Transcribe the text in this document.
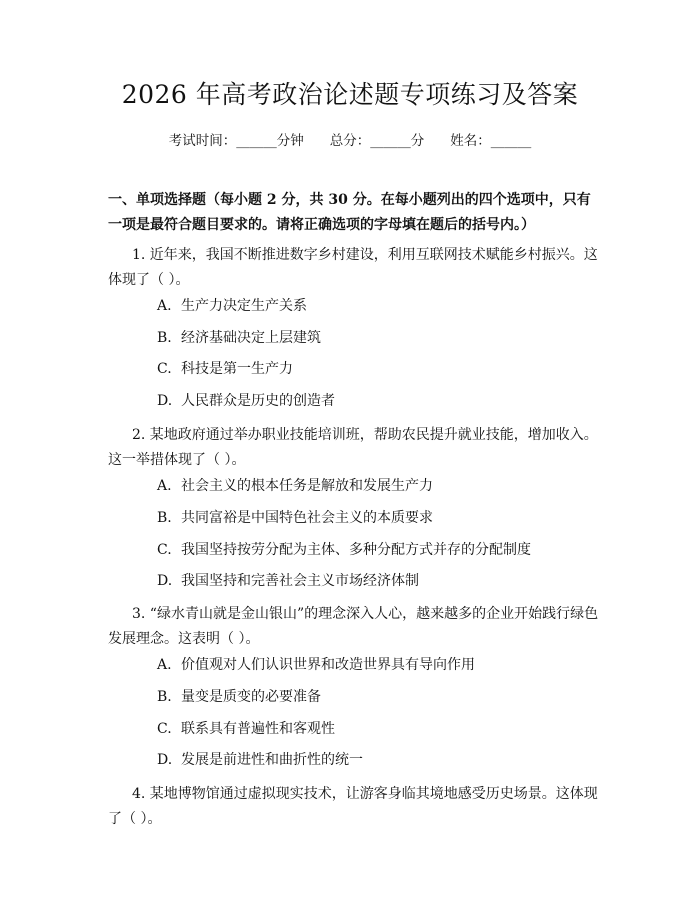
2026 年高考政治论述题专项练习及答案
考试时间：______分钟 总分：______分 姓名：______

一、单项选择题（每小题 2 分，共 30 分。在每小题列出的四个选项中，只有一项是最符合题目要求的。请将正确选项的字母填在题后的括号内。）

1. 近年来，我国不断推进数字乡村建设，利用互联网技术赋能乡村振兴。这体现了（ ）。

A. 生产力决定生产关系
B. 经济基础决定上层建筑
C. 科技是第一生产力
D. 人民群众是历史的创造者

2. 某地政府通过举办职业技能培训班，帮助农民提升就业技能，增加收入。这一举措体现了（ ）。

A. 社会主义的根本任务是解放和发展生产力
B. 共同富裕是中国特色社会主义的本质要求
C. 我国坚持按劳分配为主体、多种分配方式并存的分配制度
D. 我国坚持和完善社会主义市场经济体制

3. “绿水青山就是金山银山”的理念深入人心，越来越多的企业开始践行绿色发展理念。这表明（ ）。

A. 价值观对人们认识世界和改造世界具有导向作用
B. 量变是质变的必要准备
C. 联系具有普遍性和客观性
D. 发展是前进性和曲折性的统一

4. 某地博物馆通过虚拟现实技术，让游客身临其境地感受历史场景。这体现了（ ）。
